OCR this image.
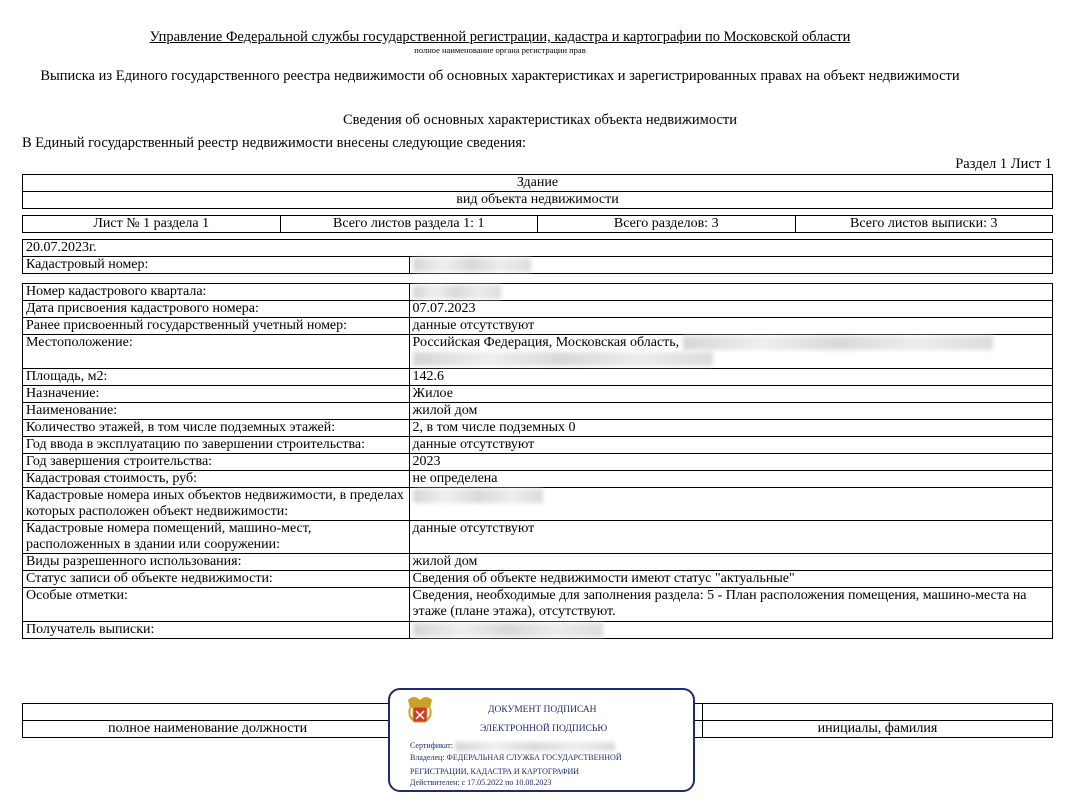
Управление Федеральной службы государственной регистрации, кадастра и картографии по Московской области
полное наименование органа регистрации прав
Выписка из Единого государственного реестра недвижимости об основных характеристиках и зарегистрированных правах на объект недвижимости
Сведения об основных характеристиках объекта недвижимости
В Единый государственный реестр недвижимости внесены следующие сведения:
Раздел 1 Лист 1
Здание
вид объекта недвижимости
Лист № 1 раздела 1	Всего листов раздела 1: 1	Всего разделов: 3	Всего листов выписки: 3
20.07.2023г.
Кадастровый номер:	
Номер кадастрового квартала:	
Дата присвоения кадастрового номера:	07.07.2023
Ранее присвоенный государственный учетный номер:	данные отсутствуют
Местоположение:	Российская Федерация, Московская область,

Площадь, м2:	142.6
Назначение:	Жилое
Наименование:	жилой дом
Количество этажей, в том числе подземных этажей:	2, в том числе подземных 0
Год ввода в эксплуатацию по завершении строительства:	данные отсутствуют
Год завершения строительства:	2023
Кадастровая стоимость, руб:	не определена
Кадастровые номера иных объектов недвижимости, в пределах которых расположен объект недвижимости:	
Кадастровые номера помещений, машино-мест, расположенных в здании или сооружении:	данные отсутствуют
Виды разрешенного использования:	жилой дом
Статус записи об объекте недвижимости:	Сведения об объекте недвижимости имеют статус "актуальные"
Особые отметки:	Сведения, необходимые для заполнения раздела: 5 - План расположения помещения, машино-места на этаже (плане этажа), отсутствуют.
Получатель выписки:	

полное наименование должности		инициалы, фамилия
ДОКУМЕНТ ПОДПИСАН
ЭЛЕКТРОННОЙ ПОДПИСЬЮ
Сертификат:
Владелец: ФЕДЕРАЛЬНАЯ СЛУЖБА ГОСУДАРСТВЕННОЙ
РЕГИСТРАЦИИ, КАДАСТРА И КАРТОГРАФИИ
Действителен: с 17.05.2022 по 10.08.2023
